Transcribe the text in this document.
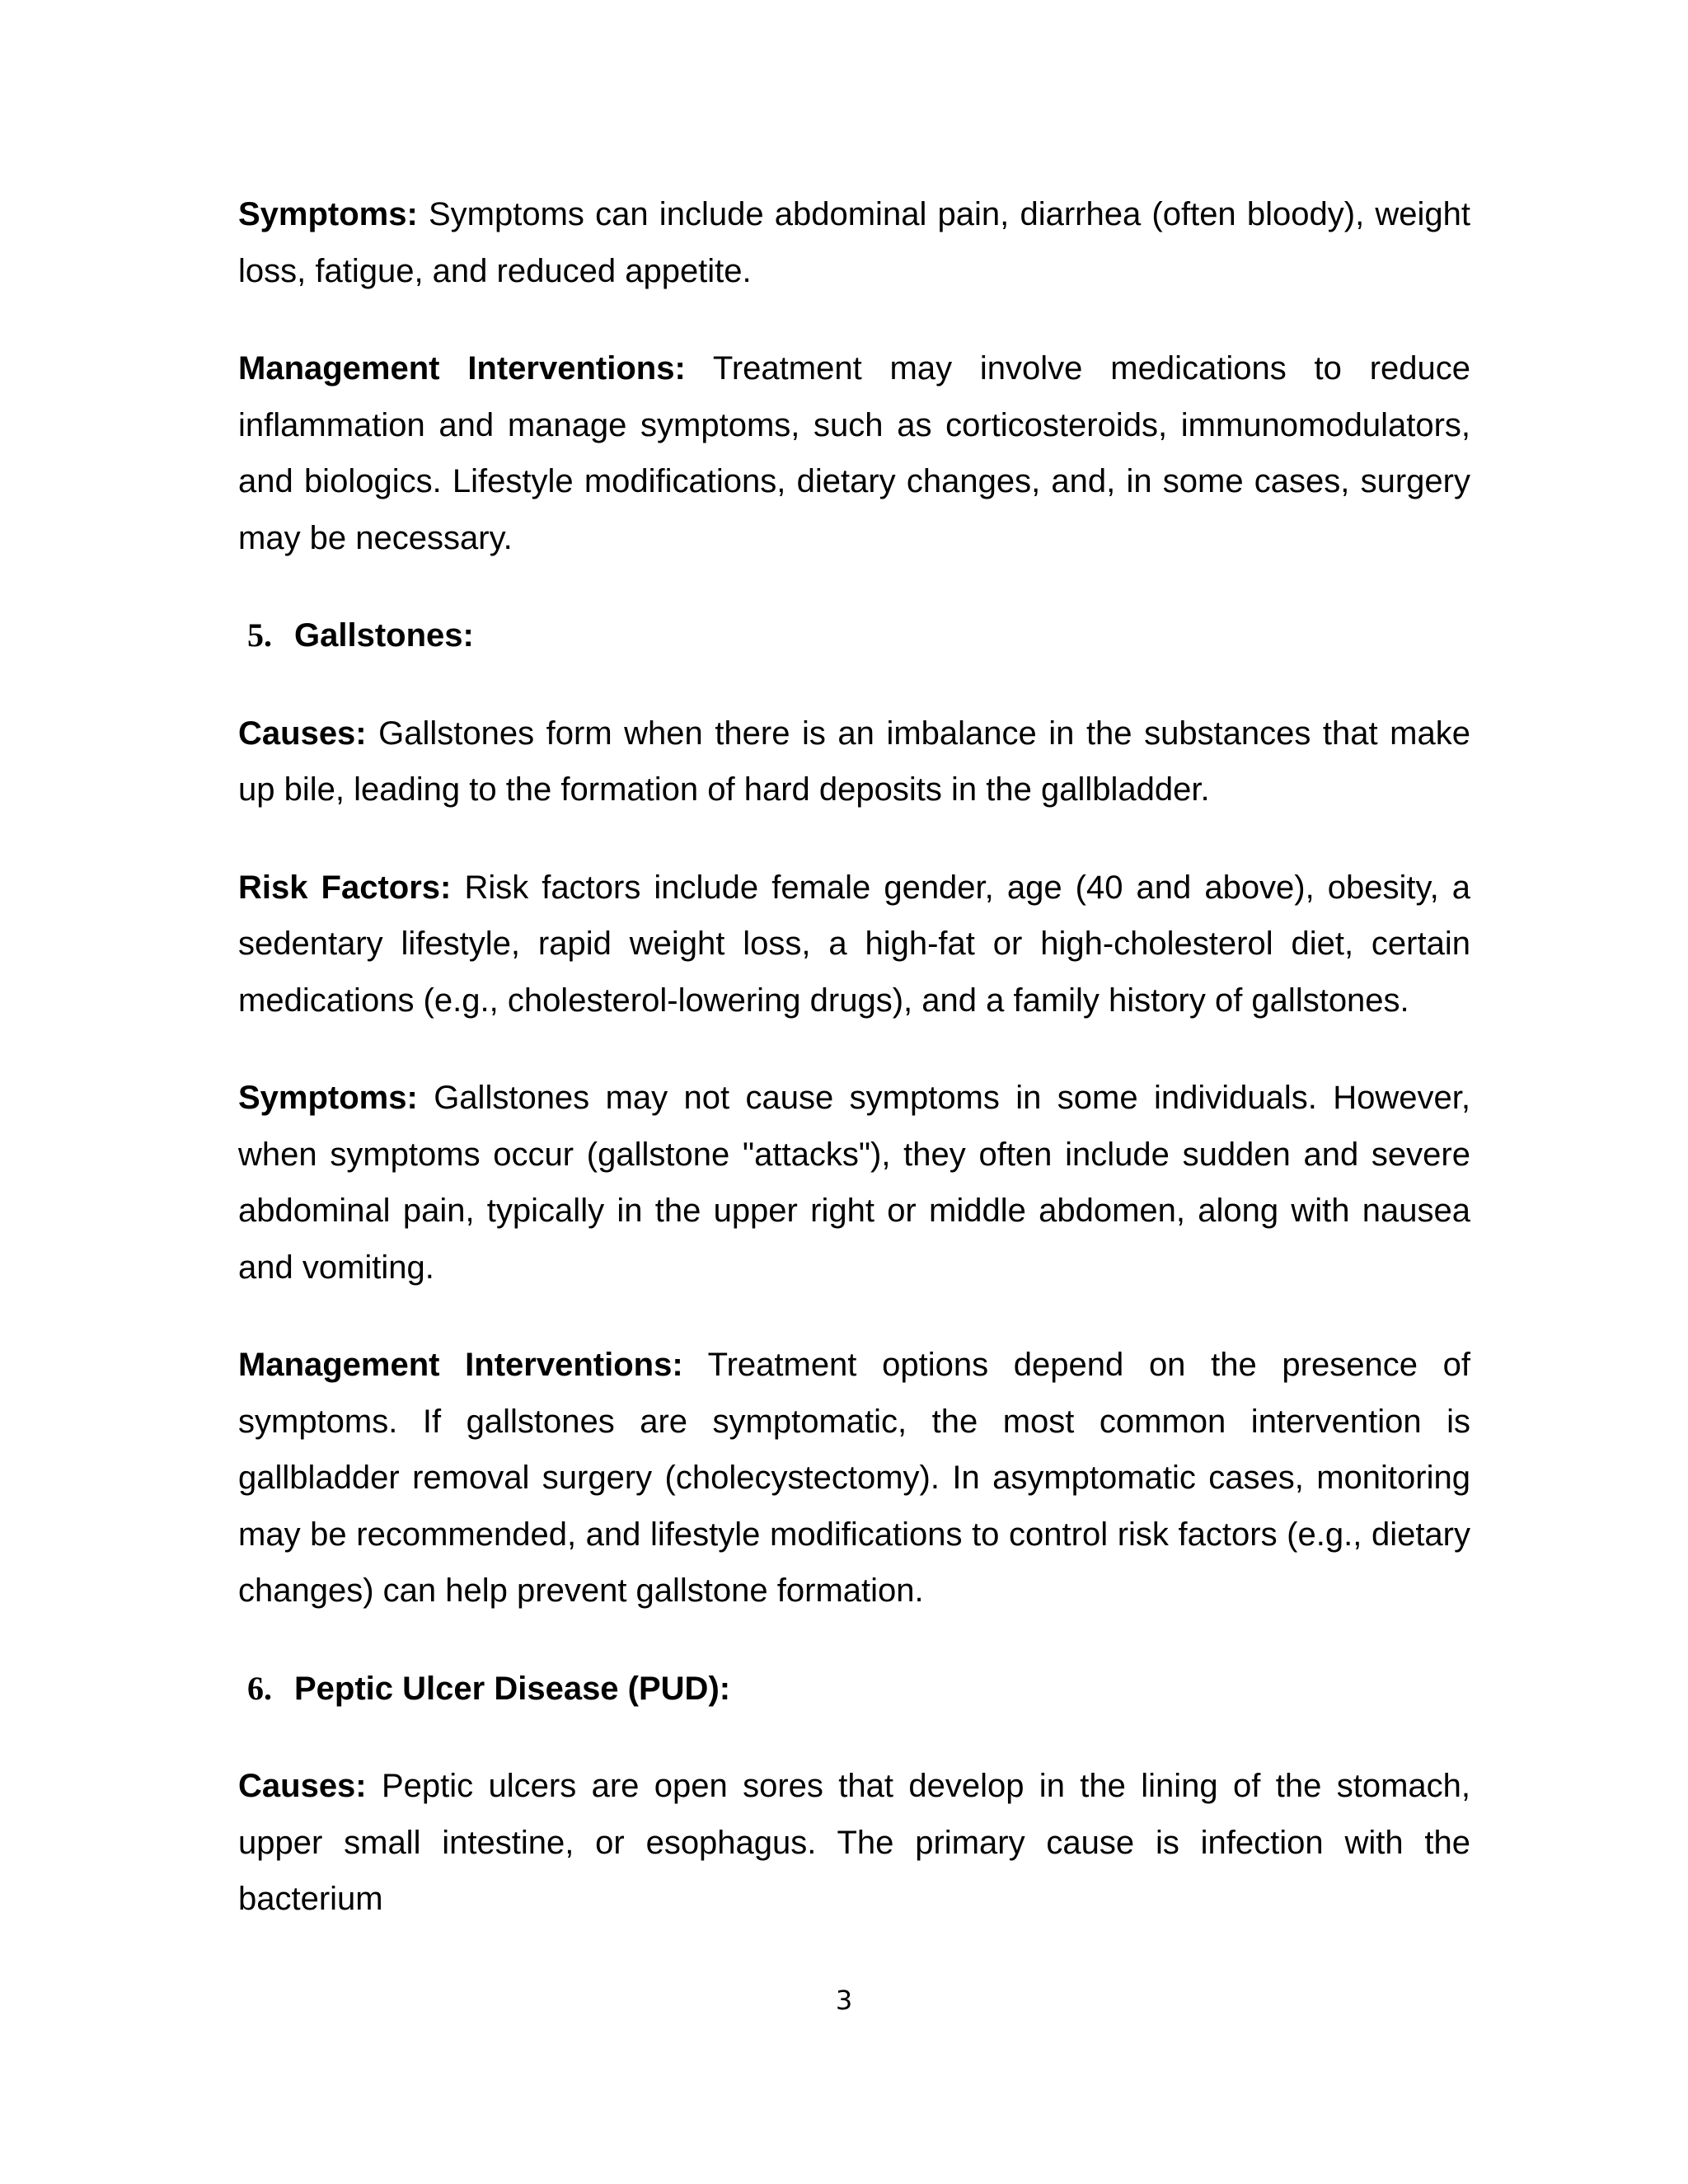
Symptoms: Symptoms can include abdominal pain, diarrhea (often bloody), weight loss, fatigue, and reduced appetite.

Management Interventions: Treatment may involve medications to reduce inflammation and manage symptoms, such as corticosteroids, immunomodulators, and biologics. Lifestyle modifications, dietary changes, and, in some cases, surgery may be necessary.

5. Gallstones:

Causes: Gallstones form when there is an imbalance in the substances that make up bile, leading to the formation of hard deposits in the gallbladder.

Risk Factors: Risk factors include female gender, age (40 and above), obesity, a sedentary lifestyle, rapid weight loss, a high-fat or high-cholesterol diet, certain medications (e.g., cholesterol-lowering drugs), and a family history of gallstones.

Symptoms: Gallstones may not cause symptoms in some individuals. However, when symptoms occur (gallstone "attacks"), they often include sudden and severe abdominal pain, typically in the upper right or middle abdomen, along with nausea and vomiting.

Management Interventions: Treatment options depend on the presence of symptoms. If gallstones are symptomatic, the most common intervention is gallbladder removal surgery (cholecystectomy). In asymptomatic cases, monitoring may be recommended, and lifestyle modifications to control risk factors (e.g., dietary changes) can help prevent gallstone formation.

6. Peptic Ulcer Disease (PUD):

Causes: Peptic ulcers are open sores that develop in the lining of the stomach, upper small intestine, or esophagus. The primary cause is infection with the bacterium

3
